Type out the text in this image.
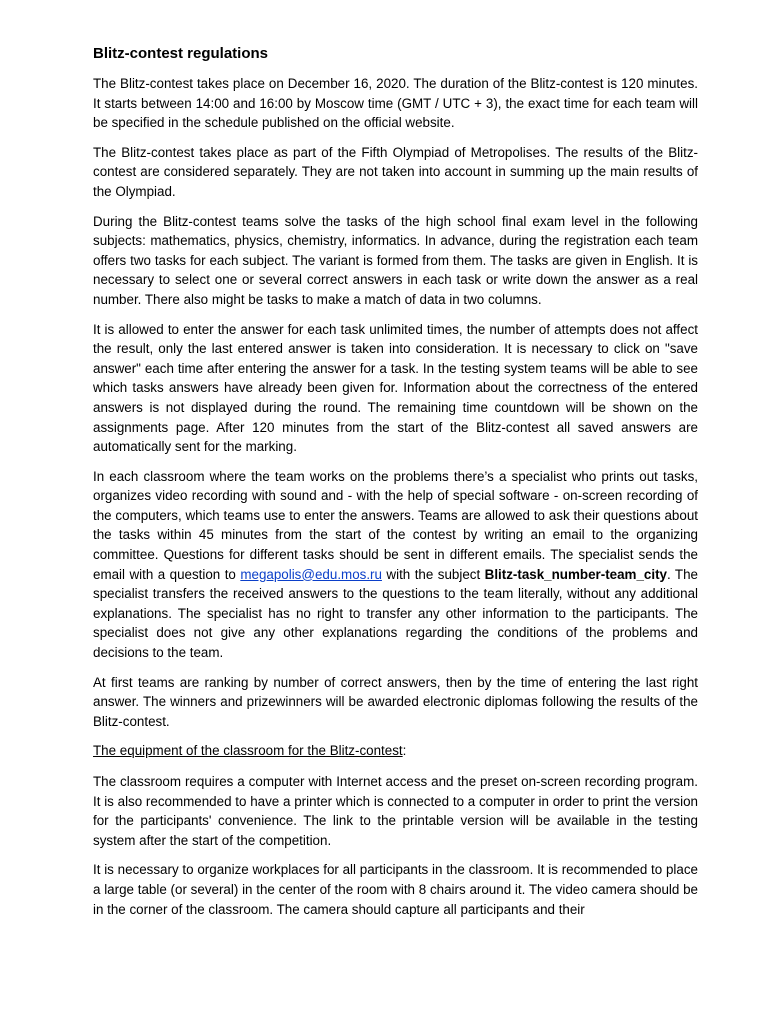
Blitz-contest regulations

The Blitz-contest takes place on December 16, 2020. The duration of the Blitz-contest is 120 minutes. It starts between 14:00 and 16:00 by Moscow time (GMT / UTC + 3), the exact time for each team will be specified in the schedule published on the official website.

The Blitz-contest takes place as part of the Fifth Olympiad of Metropolises. The results of the Blitz-contest are considered separately. They are not taken into account in summing up the main results of the Olympiad.

During the Blitz-contest teams solve the tasks of the high school final exam level in the following subjects: mathematics, physics, chemistry, informatics. In advance, during the registration each team offers two tasks for each subject. The variant is formed from them. The tasks are given in English. It is necessary to select one or several correct answers in each task or write down the answer as a real number. There also might be tasks to make a match of data in two columns.

It is allowed to enter the answer for each task unlimited times, the number of attempts does not affect the result, only the last entered answer is taken into consideration. It is necessary to click on "save answer" each time after entering the answer for a task. In the testing system teams will be able to see which tasks answers have already been given for. Information about the correctness of the entered answers is not displayed during the round. The remaining time countdown will be shown on the assignments page. After 120 minutes from the start of the Blitz-contest all saved answers are automatically sent for the marking.

In each classroom where the team works on the problems there’s a specialist who prints out tasks, organizes video recording with sound and - with the help of special software - on-screen recording of the computers, which teams use to enter the answers. Teams are allowed to ask their questions about the tasks within 45 minutes from the start of the contest by writing an email to the organizing committee. Questions for different tasks should be sent in different emails. The specialist sends the email with a question to megapolis@edu.mos.ru with the subject Blitz-task_number-team_city. The specialist transfers the received answers to the questions to the team literally, without any additional explanations. The specialist has no right to transfer any other information to the participants. The specialist does not give any other explanations regarding the conditions of the problems and decisions to the team.

At first teams are ranking by number of correct answers, then by the time of entering the last right answer. The winners and prizewinners will be awarded electronic diplomas following the results of the Blitz-contest.

The equipment of the classroom for the Blitz-contest:

The classroom requires a computer with Internet access and the preset on-screen recording program. It is also recommended to have a printer which is connected to a computer in order to print the version for the participants' convenience. The link to the printable version will be available in the testing system after the start of the competition.

It is necessary to organize workplaces for all participants in the classroom. It is recommended to place a large table (or several) in the center of the room with 8 chairs around it. The video camera should be in the corner of the classroom. The camera should capture all participants and their
